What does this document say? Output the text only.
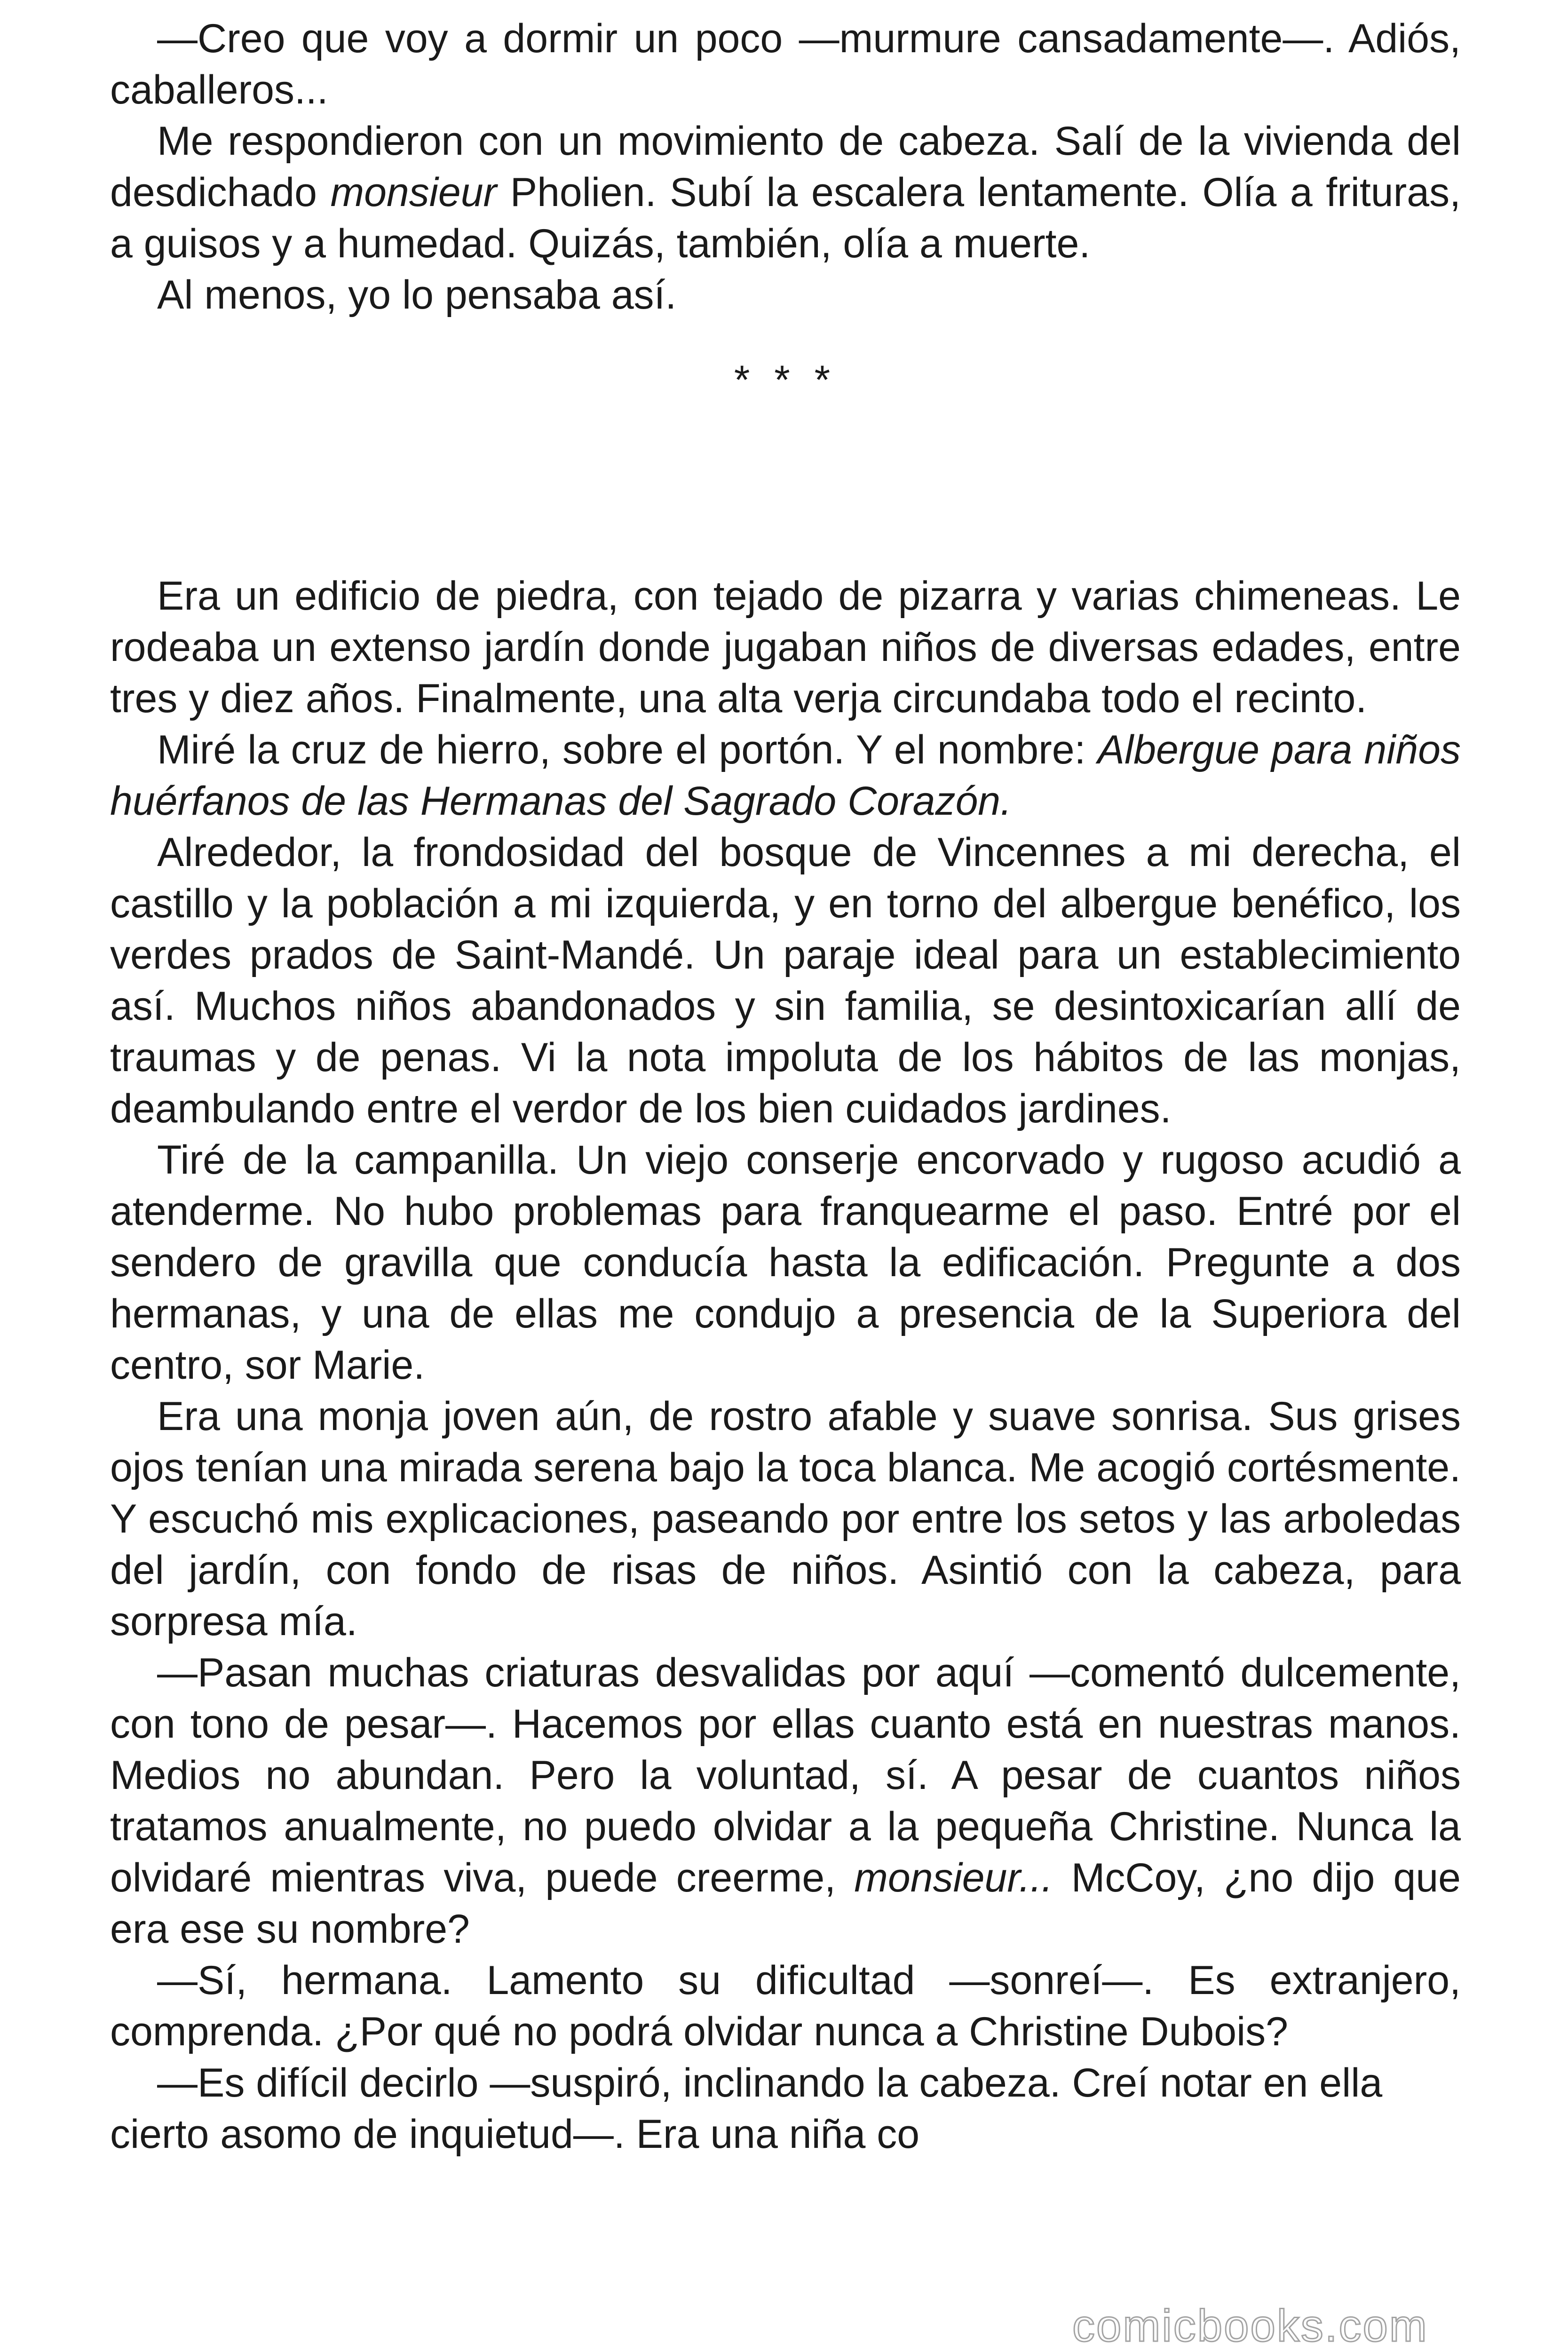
—Creo que voy a dormir un poco —murmure cansadamente—. Adiós, caballeros...

Me respondieron con un movimiento de cabeza. Salí de la vivienda del desdichado monsieur Pholien. Subí la escalera lentamente. Olía a frituras, a guisos y a humedad. Quizás, también, olía a muerte.

Al menos, yo lo pensaba así.

* * *

Era un edificio de piedra, con tejado de pizarra y varias chimeneas. Le rodeaba un extenso jardín donde jugaban niños de diversas edades, entre tres y diez años. Finalmente, una alta verja circundaba todo el recinto.

Miré la cruz de hierro, sobre el portón. Y el nombre: Albergue para niños huérfanos de las Hermanas del Sagrado Corazón.

Alrededor, la frondosidad del bosque de Vincennes a mi derecha, el castillo y la población a mi izquierda, y en torno del albergue benéfico, los verdes prados de Saint-Mandé. Un paraje ideal para un establecimiento así. Muchos niños abandonados y sin familia, se desintoxicarían allí de traumas y de penas. Vi la nota impoluta de los hábitos de las monjas, deambulando entre el verdor de los bien cuidados jardines.

Tiré de la campanilla. Un viejo conserje encorvado y rugoso acudió a atenderme. No hubo problemas para franquearme el paso. Entré por el sendero de gravilla que conducía hasta la edificación. Pregunte a dos hermanas, y una de ellas me condujo a presencia de la Superiora del centro, sor Marie.

Era una monja joven aún, de rostro afable y suave sonrisa. Sus grises ojos tenían una mirada serena bajo la toca blanca. Me acogió cortésmente. Y escuchó mis explicaciones, paseando por entre los setos y las arboledas del jardín, con fondo de risas de niños. Asintió con la cabeza, para sorpresa mía.

—Pasan muchas criaturas desvalidas por aquí —comentó dulcemente, con tono de pesar—. Hacemos por ellas cuanto está en nuestras manos. Medios no abundan. Pero la voluntad, sí. A pesar de cuantos niños tratamos anualmente, no puedo olvidar a la pequeña Christine. Nunca la olvidaré mientras viva, puede creerme, monsieur... McCoy, ¿no dijo que era ese su nombre?

—Sí, hermana. Lamento su dificultad —sonreí—. Es extranjero, comprenda. ¿Por qué no podrá olvidar nunca a Christine Dubois?

—Es difícil decirlo —suspiró, inclinando la cabeza. Creí notar en ella cierto asomo de inquietud—. Era una niña co

comicbooks.com
